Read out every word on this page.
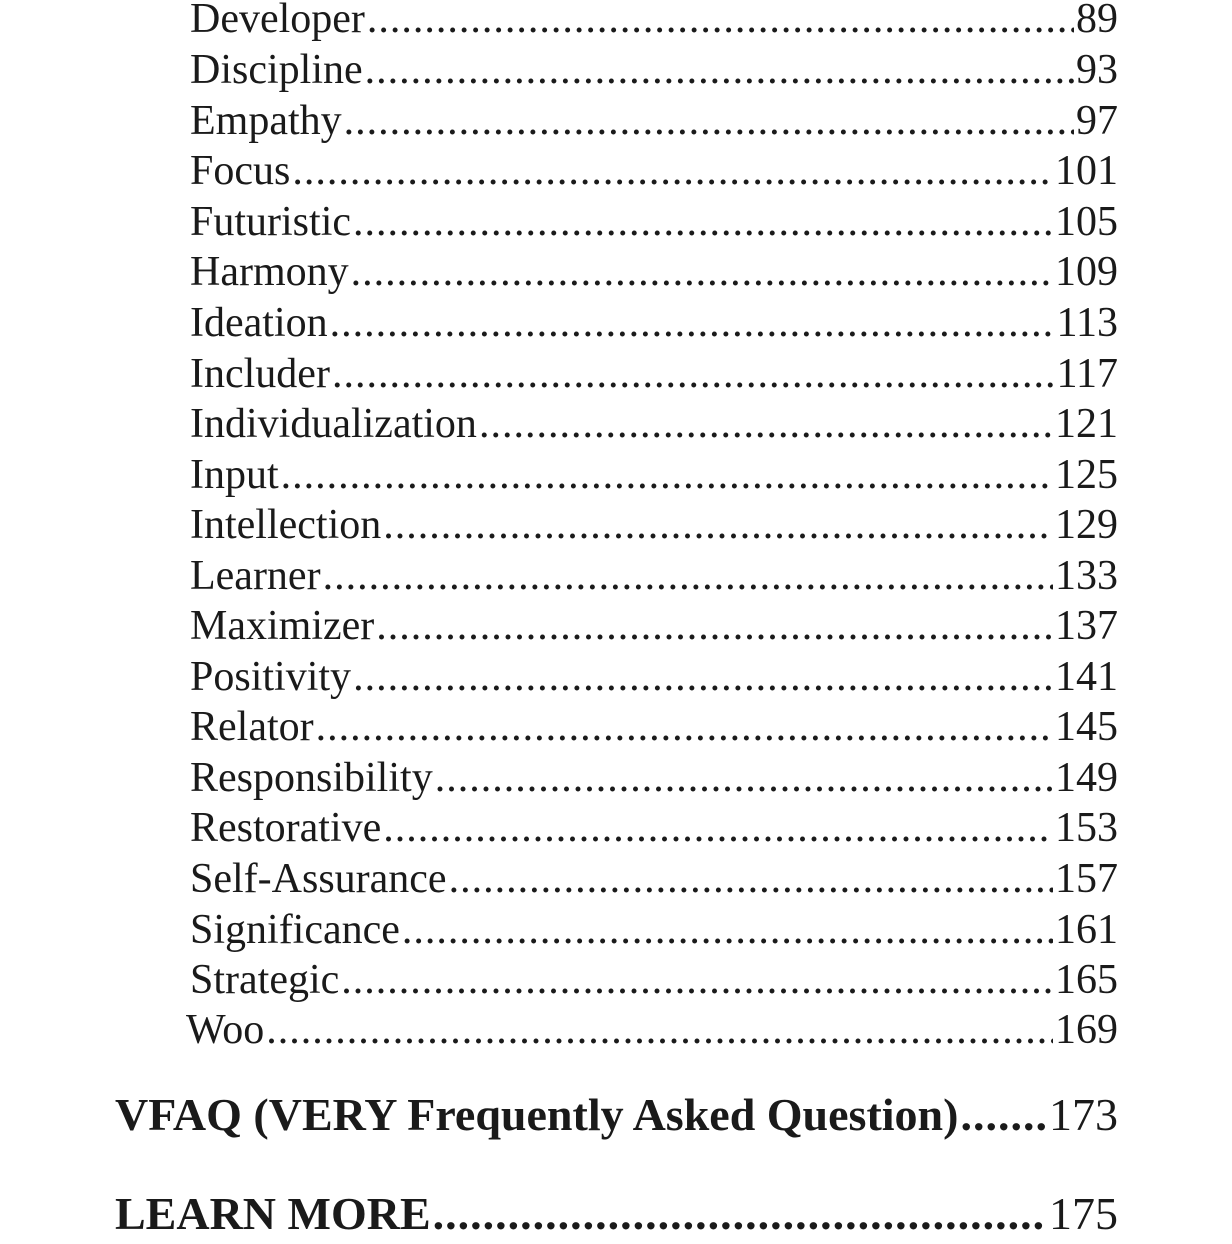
Developer .....	89
Discipline .....	93
Empathy .....	97
Focus .....	101
Futuristic .....	105
Harmony .....	109
Ideation .....	113
Includer .....	117
Individualization .....	121
Input .....	125
Intellection .....	129
Learner .....	133
Maximizer .....	137
Positivity .....	141
Relator .....	145
Responsibility .....	149
Restorative .....	153
Self-Assurance .....	157
Significance .....	161
Strategic .....	165
Woo .....	169
VFAQ (VERY Frequently Asked Question) ..... 173
LEARN MORE .....	175
